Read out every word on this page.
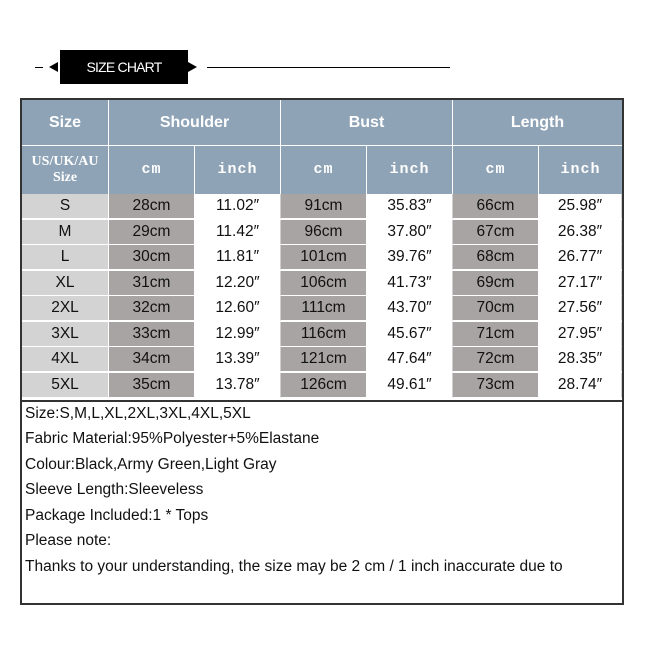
SIZE CHART
Size	Shoulder	Bust	Length
US/UK/AU
Size	cm	inch	cm	inch	cm	inch
S	28cm	11.02″	91cm	35.83″	66cm	25.98″
M	29cm	11.42″	96cm	37.80″	67cm	26.38″
L	30cm	11.81″	101cm	39.76″	68cm	26.77″
XL	31cm	12.20″	106cm	41.73″	69cm	27.17″
2XL	32cm	12.60″	111cm	43.70″	70cm	27.56″
3XL	33cm	12.99″	116cm	45.67″	71cm	27.95″
4XL	34cm	13.39″	121cm	47.64″	72cm	28.35″
5XL	35cm	13.78″	126cm	49.61″	73cm	28.74″
Size:S,M,L,XL,2XL,3XL,4XL,5XL
Fabric Material:95%Polyester+5%Elastane
Colour:Black,Army Green,Light Gray
Sleeve Length:Sleeveless
Package Included:1 * Tops
Please note:
Thanks to your understanding, the size may be 2 cm / 1 inch inaccurate due to
